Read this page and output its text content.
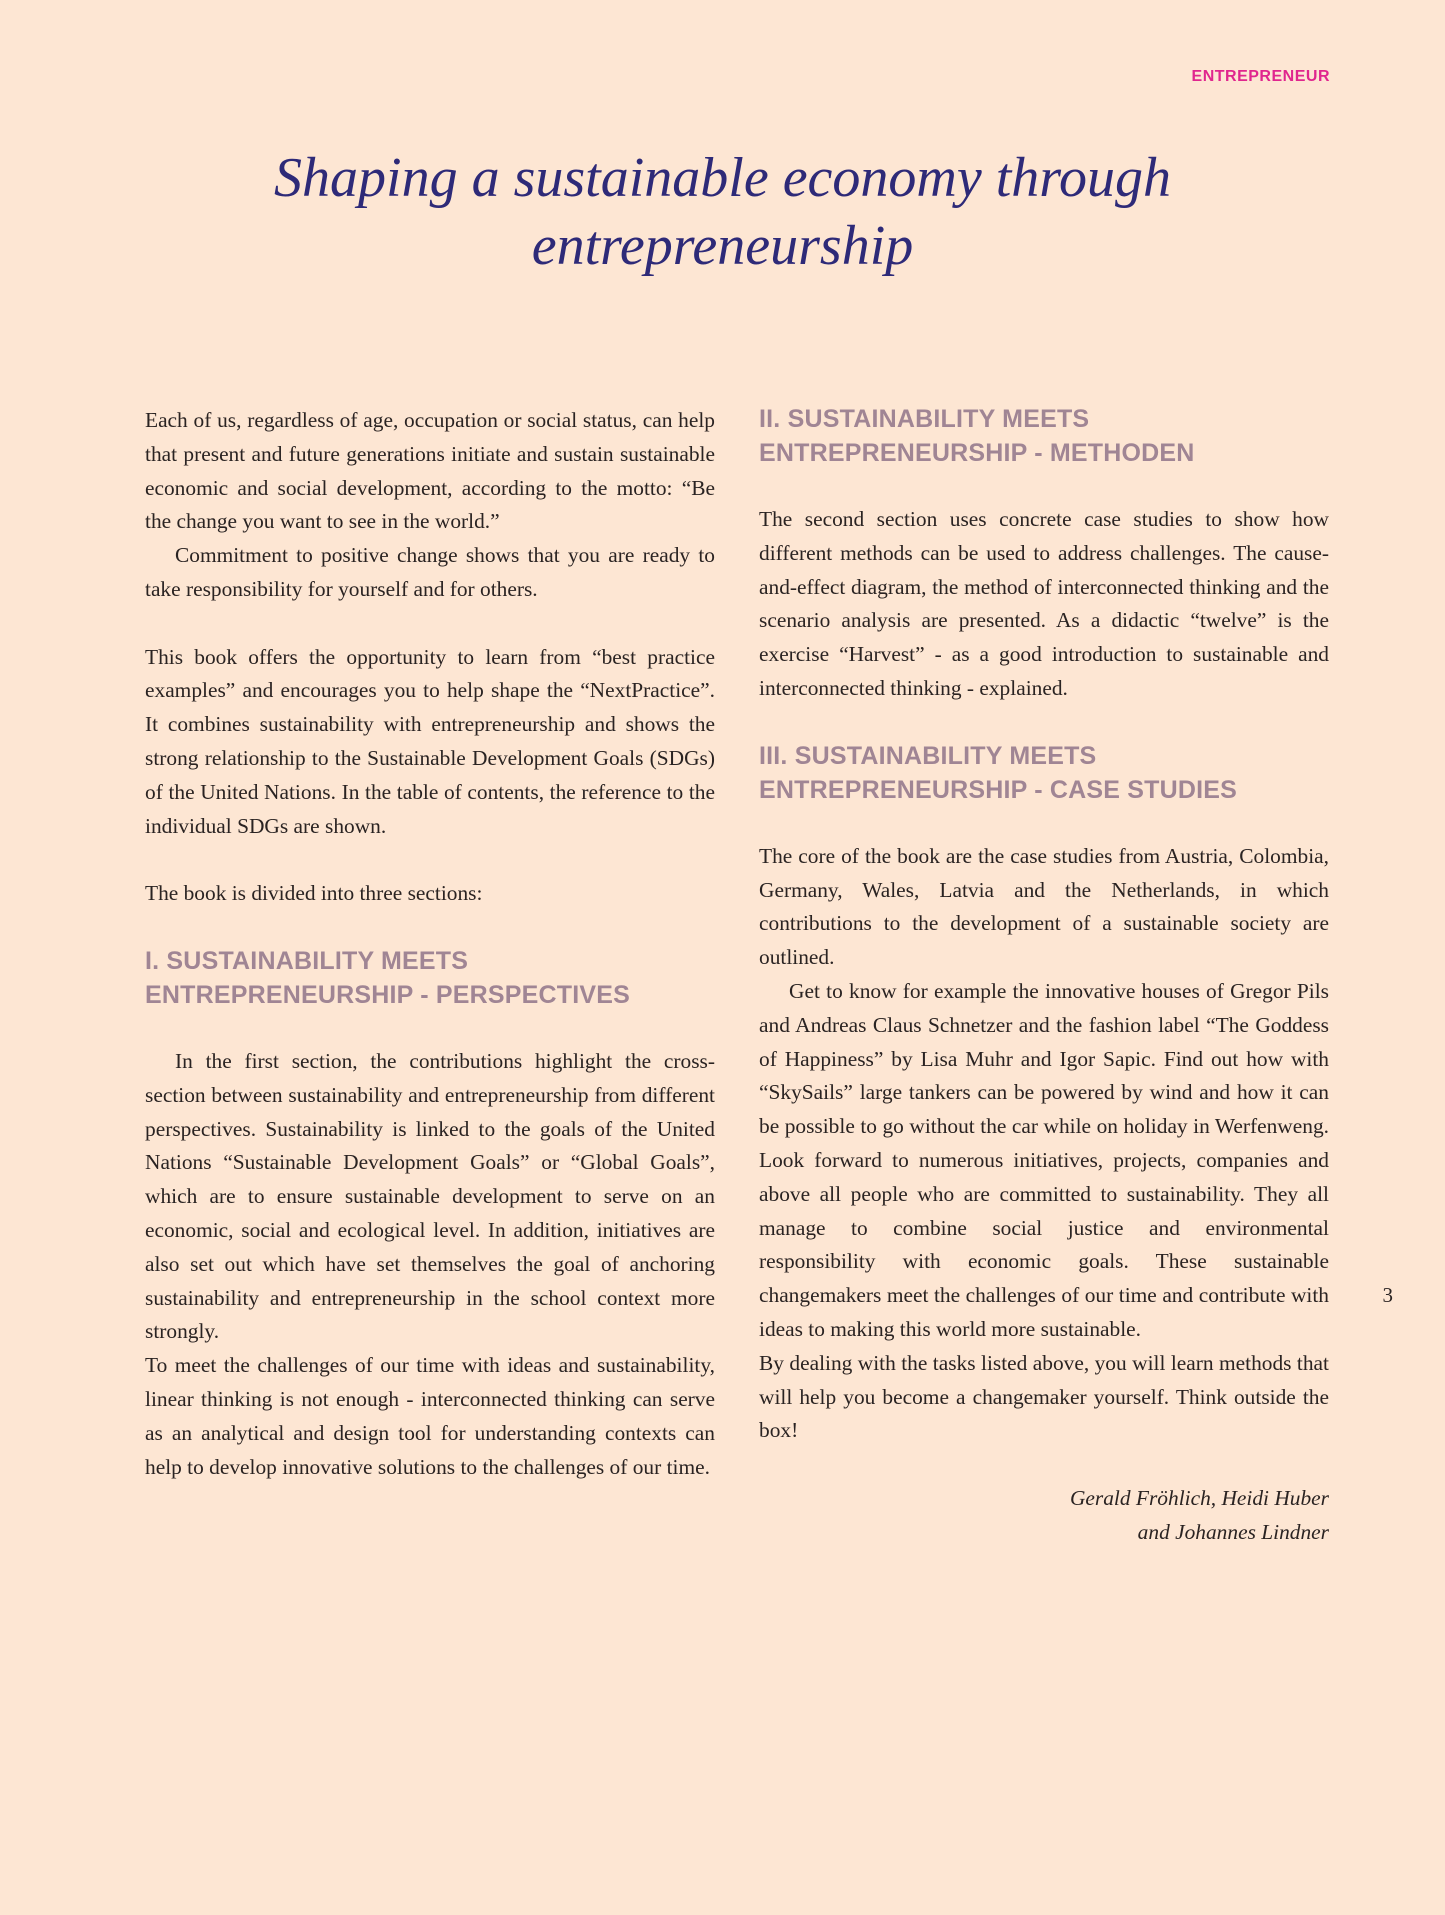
ENTREPRENEUR
Shaping a sustainable economy through entrepreneurship

Each of us, regardless of age, occupation or social status, can help that present and future generations initiate and sustain sustainable economic and social development, according to the motto: “Be the change you want to see in the world.”

Commitment to positive change shows that you are ready to take responsibility for yourself and for others.

This book offers the opportunity to learn from “best practice examples” and encourages you to help shape the “NextPractice”. It combines sustainability with entrepreneurship and shows the strong relationship to the Sustainable Development Goals (SDGs) of the United Nations. In the table of contents, the reference to the individual SDGs are shown.

The book is divided into three sections:

I. SUSTAINABILITY MEETS
ENTREPRENEURSHIP - PERSPECTIVES

In the first section, the contributions highlight the cross-section between sustainability and entrepreneurship from different perspectives. Sustainability is linked to the goals of the United Nations “Sustainable Development Goals” or “Global Goals”, which are to ensure sustainable development to serve on an economic, social and ecological level. In addition, initiatives are also set out which have set themselves the goal of anchoring sustainability and entrepreneurship in the school context more strongly.

To meet the challenges of our time with ideas and sustainability, linear thinking is not enough - interconnected thinking can serve as an analytical and design tool for understanding contexts can help to develop innovative solutions to the challenges of our time.

II. SUSTAINABILITY MEETS
ENTREPRENEURSHIP - METHODEN

The second section uses concrete case studies to show how different methods can be used to address challenges. The cause-and-effect diagram, the method of interconnected thinking and the scenario analysis are presented. As a didactic “twelve” is the exercise “Harvest” - as a good introduction to sustainable and interconnected thinking - explained.

III. SUSTAINABILITY MEETS
ENTREPRENEURSHIP - CASE STUDIES

The core of the book are the case studies from Austria, Colombia, Germany, Wales, Latvia and the Netherlands, in which contributions to the development of a sustainable society are outlined.

Get to know for example the innovative houses of Gregor Pils and Andreas Claus Schnetzer and the fashion label “The Goddess of Happiness” by Lisa Muhr and Igor Sapic. Find out how with “SkySails” large tankers can be powered by wind and how it can be possible to go without the car while on holiday in Werfenweng. Look forward to numerous initiatives, projects, companies and above all people who are committed to sustainability. They all manage to combine social justice and environmental responsibility with economic goals. These sustainable changemakers meet the challenges of our time and contribute with ideas to making this world more sustainable.

By dealing with the tasks listed above, you will learn methods that will help you become a changemaker yourself. Think outside the box!

Gerald Fröhlich, Heidi Huber
and Johannes Lindner
3
